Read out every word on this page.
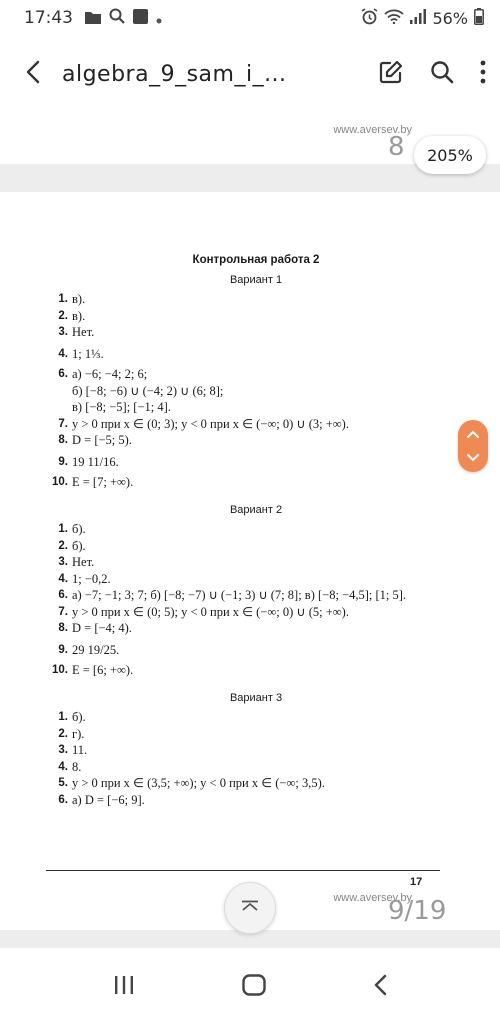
17:43	56%
algebra_9_sam_i_...
www.aversev.by
8	205%
Контрольная работа 2
Вариант 1
1. в).
2. в).
3. Нет.
4. 1; 1⅓.
6. а) −6; −4; 2; 6;
б) [−8; −6) ∪ (−4; 2) ∪ (6; 8];
в) [−8; −5]; [−1; 4].
7. y > 0 при x ∈ (0; 3); y < 0 при x ∈ (−∞; 0) ∪ (3; +∞).
8. D = [−5; 5).
9. 19 11/16.
10. E = [7; +∞).
Вариант 2
1. б).
2. б).
3. Нет.
4. 1; −0,2.
6. а) −7; −1; 3; 7; б) [−8; −7) ∪ (−1; 3) ∪ (7; 8]; в) [−8; −4,5]; [1; 5].
7. y > 0 при x ∈ (0; 5); y < 0 при x ∈ (−∞; 0) ∪ (5; +∞).
8. D = [−4; 4).
9. 29 19/25.
10. E = [6; +∞).
Вариант 3
1. б).
2. г).
3. 11.
4. 8.
5. y > 0 при x ∈ (3,5; +∞); y < 0 при x ∈ (−∞; 3,5).
6. а) D = [−6; 9].
17
www.aversev.by
9/19
